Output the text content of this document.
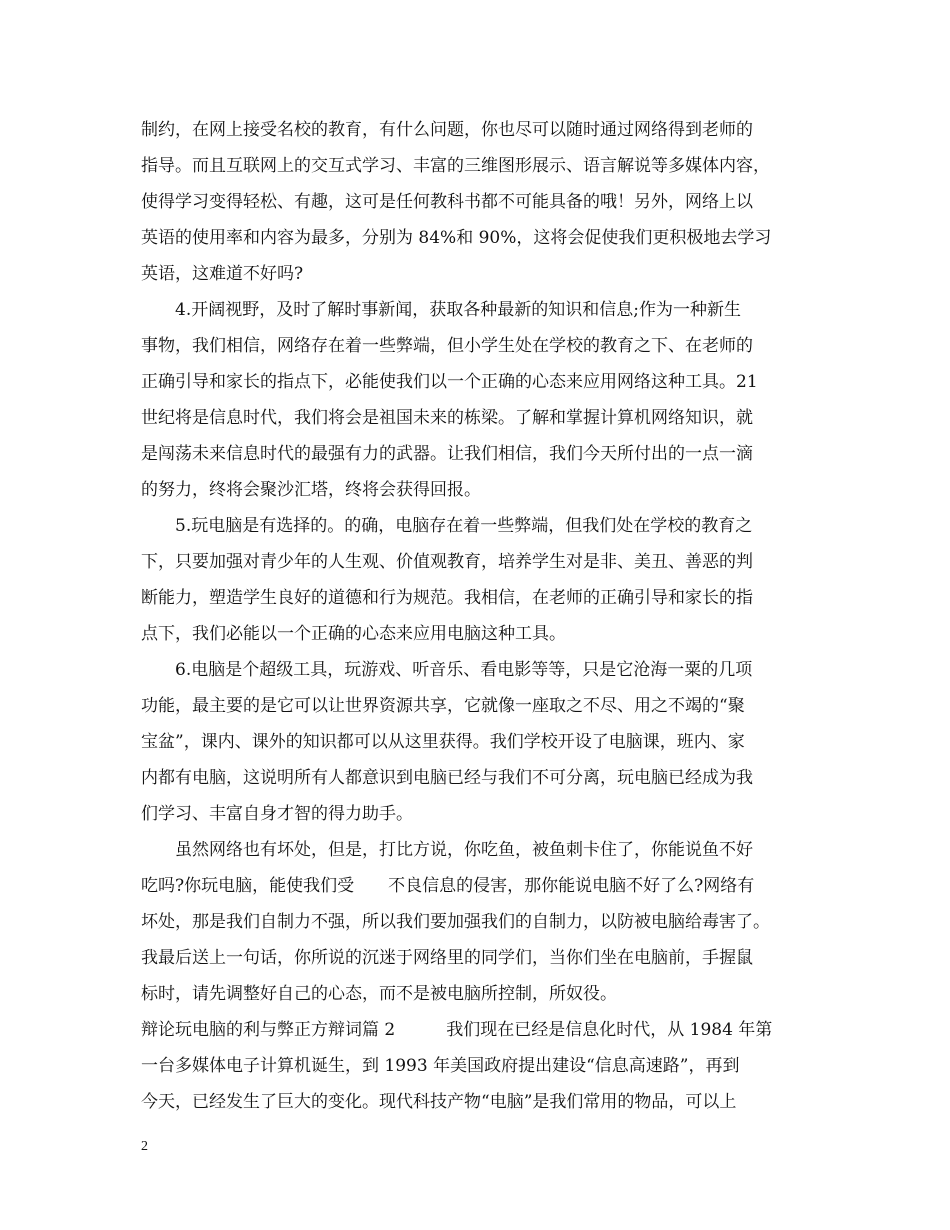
制约，在网上接受名校的教育，有什么问题，你也尽可以随时通过网络得到老师的
指导。而且互联网上的交互式学习、丰富的三维图形展示、语言解说等多媒体内容，
使得学习变得轻松、有趣，这可是任何教科书都不可能具备的哦！另外，网络上以
英语的使用率和内容为最多，分别为 84%和 90%，这将会促使我们更积极地去学习
英语，这难道不好吗?
4.开阔视野，及时了解时事新闻，获取各种最新的知识和信息;作为一种新生
事物，我们相信，网络存在着一些弊端，但小学生处在学校的教育之下、在老师的
正确引导和家长的指点下，必能使我们以一个正确的心态来应用网络这种工具。21
世纪将是信息时代，我们将会是祖国未来的栋梁。了解和掌握计算机网络知识，就
是闯荡未来信息时代的最强有力的武器。让我们相信，我们今天所付出的一点一滴
的努力，终将会聚沙汇塔，终将会获得回报。
5.玩电脑是有选择的。的确，电脑存在着一些弊端，但我们处在学校的教育之
下，只要加强对青少年的人生观、价值观教育，培养学生对是非、美丑、善恶的判
断能力，塑造学生良好的道德和行为规范。我相信，在老师的正确引导和家长的指
点下，我们必能以一个正确的心态来应用电脑这种工具。
6.电脑是个超级工具，玩游戏、听音乐、看电影等等，只是它沧海一粟的几项
功能，最主要的是它可以让世界资源共享，它就像一座取之不尽、用之不竭的“聚
宝盆”，课内、课外的知识都可以从这里获得。我们学校开设了电脑课，班内、家
内都有电脑，这说明所有人都意识到电脑已经与我们不可分离，玩电脑已经成为我
们学习、丰富自身才智的得力助手。
虽然网络也有坏处，但是，打比方说，你吃鱼，被鱼刺卡住了，你能说鱼不好
吃吗?你玩电脑，能使我们受　　不良信息的侵害，那你能说电脑不好了么?网络有
坏处，那是我们自制力不强，所以我们要加强我们的自制力，以防被电脑给毒害了。
我最后送上一句话，你所说的沉迷于网络里的同学们，当你们坐在电脑前，手握鼠
标时，请先调整好自己的心态，而不是被电脑所控制，所奴役。
辩论玩电脑的利与弊正方辩词篇 2　　　我们现在已经是信息化时代，从 1984 年第
一台多媒体电子计算机诞生，到 1993 年美国政府提出建设“信息高速路”，再到
今天，已经发生了巨大的变化。现代科技产物“电脑”是我们常用的物品，可以上
2
